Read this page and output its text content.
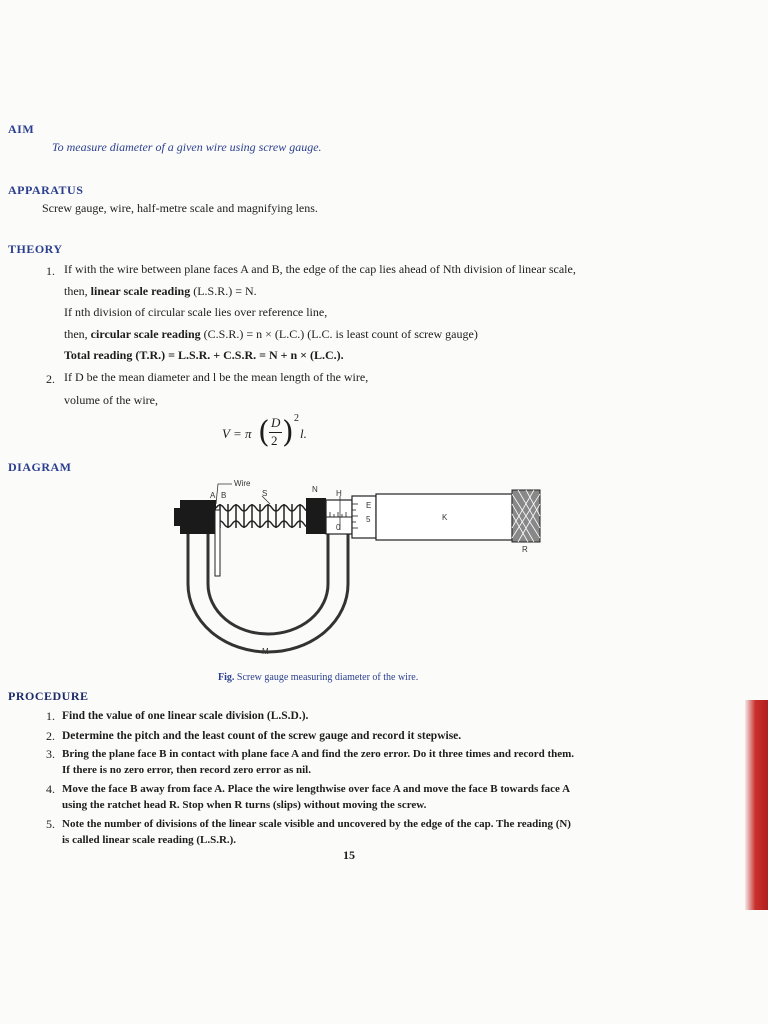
AIM
To measure diameter of a given wire using screw gauge.
APPARATUS
Screw gauge, wire, half-metre scale and magnifying lens.
THEORY
1. If with the wire between plane faces A and B, the edge of the cap lies ahead of Nth division of linear scale,
then, linear scale reading (L.S.R.) = N.
If nth division of circular scale lies over reference line,
then, circular scale reading (C.S.R.) = n × (L.C.) (L.C. is least count of screw gauge)
Total reading (T.R.) = L.S.R. + C.S.R. = N + n × (L.C.).
2. If D be the mean diameter and l be the mean length of the wire,
volume of the wire,
V = π ( D
2 ) 2
l.
DIAGRAM
Wire
A B	S	N H
E
5
0
K
R
M
Fig. Screw gauge measuring diameter of the wire.
PROCEDURE
1. Find the value of one linear scale division (L.S.D.).
2. Determine the pitch and the least count of the screw gauge and record it stepwise.
3. Bring the plane face B in contact with plane face A and find the zero error. Do it three times and record them.
If there is no zero error, then record zero error as nil.
4. Move the face B away from face A. Place the wire lengthwise over face A and move the face B towards face A
using the ratchet head R. Stop when R turns (slips) without moving the screw.
5. Note the number of divisions of the linear scale visible and uncovered by the edge of the cap. The reading (N)
is called linear scale reading (L.S.R.).
15
